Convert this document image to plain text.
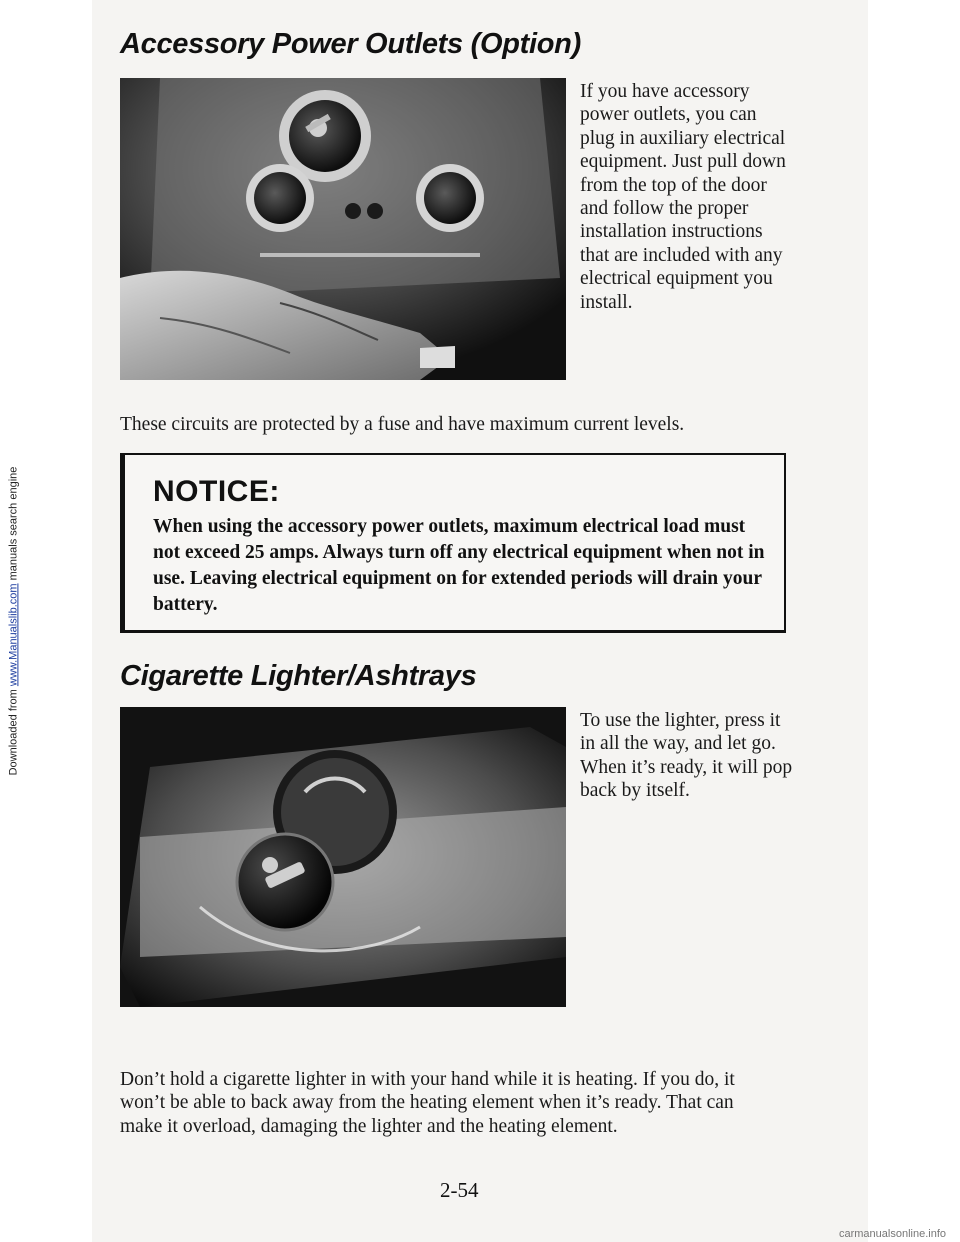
Downloaded from www.Manualslib.com manuals search engine
Accessory Power Outlets (Option)

If you have accessory power outlets, you can plug in auxiliary electrical equipment. Just pull down from the top of the door and follow the proper installation instructions that are included with any electrical equipment you install.

These circuits are protected by a fuse and have maximum current levels.

NOTICE:

When using the accessory power outlets, maximum electrical load must not exceed 25 amps. Always turn off any electrical equipment when not in use. Leaving electrical equipment on for extended periods will drain your battery.

Cigarette Lighter/Ashtrays

To use the lighter, press it in all the way, and let go. When it’s ready, it will pop back by itself.

Don’t hold a cigarette lighter in with your hand while it is heating. If you do, it won’t be able to back away from the heating element when it’s ready. That can make it overload, damaging the lighter and the heating element.

2-54
carmanualsonline.info
